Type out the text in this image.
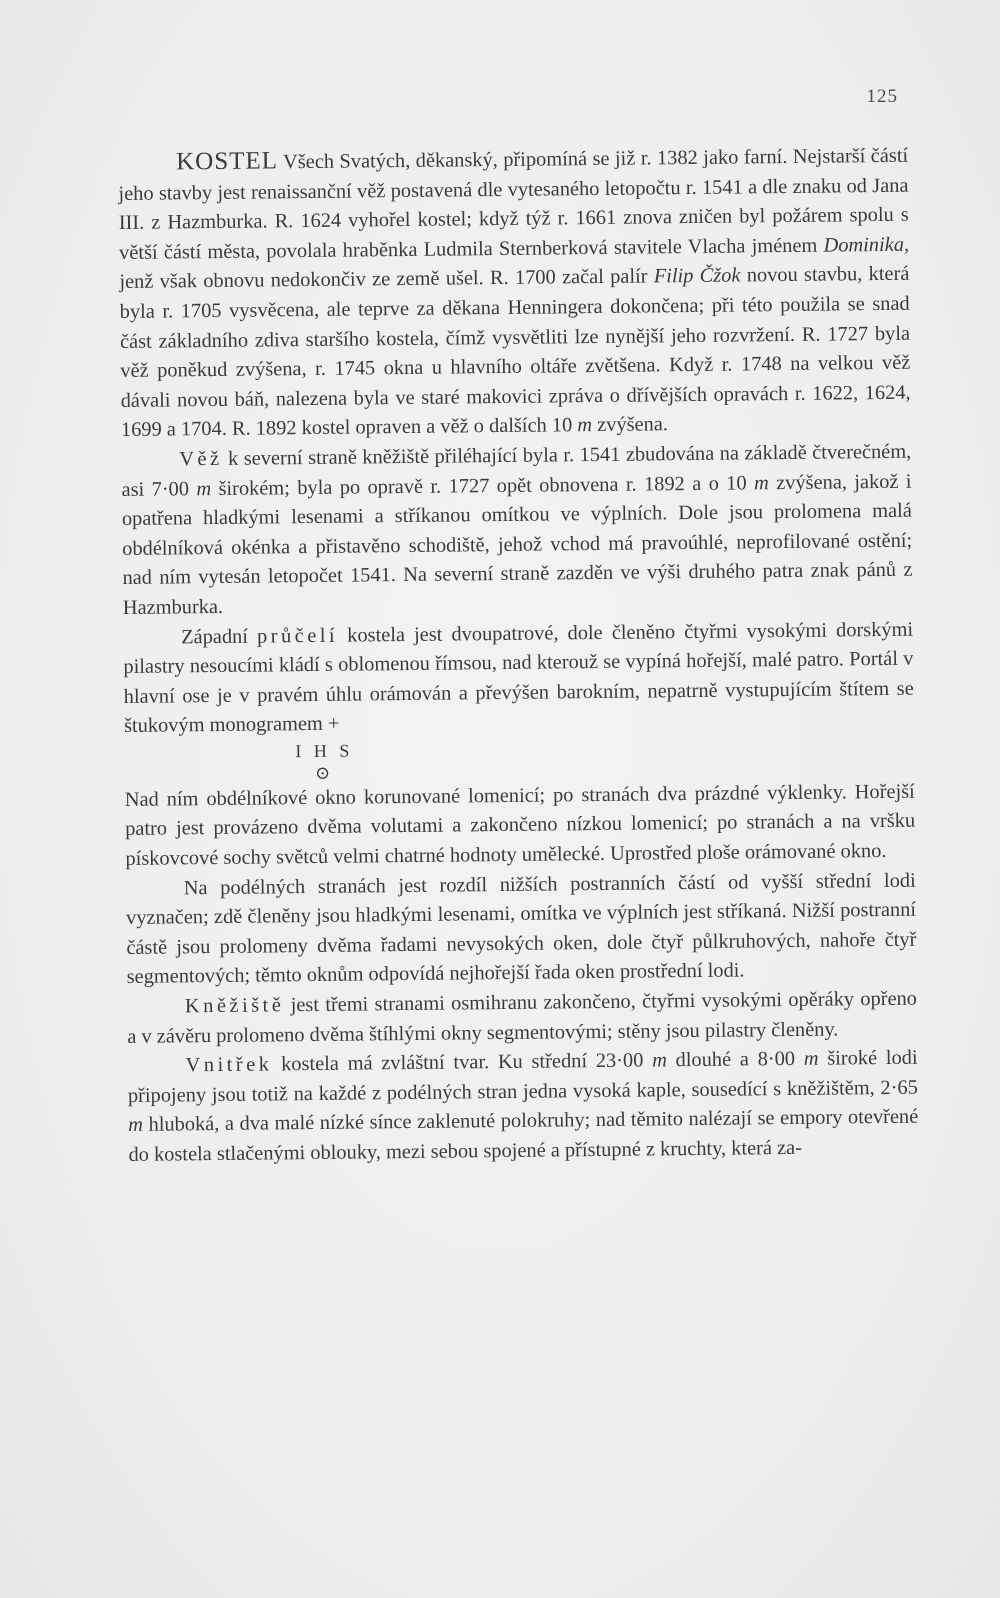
125

KOSTEL Všech Svatých, děkanský, připomíná se již r. 1382 jako farní. Nejstarší částí jeho stavby jest renaissanční věž postavená dle vytesaného letopočtu r. 1541 a dle znaku od Jana III. z Hazmburka. R. 1624 vyhořel kostel; když týž r. 1661 znova zničen byl požárem spolu s větší částí města, povolala hraběnka Ludmila Sternberková stavitele Vlacha jménem Dominika, jenž však obnovu nedokončiv ze země ušel. R. 1700 začal palír Filip Čžok novou stavbu, která byla r. 1705 vysvěcena, ale teprve za děkana Henningera dokončena; při této použila se snad část základního zdiva staršího kostela, čímž vysvětliti lze nynější jeho rozvržení. R. 1727 byla věž poněkud zvýšena, r. 1745 okna u hlavního oltáře zvětšena. Když r. 1748 na velkou věž dávali novou báň, nalezena byla ve staré makovici zpráva o dřívějších opravách r. 1622, 1624, 1699 a 1704. R. 1892 kostel opraven a věž o dalších 10 m zvýšena.

Věž k severní straně kněžiště přiléhající byla r. 1541 zbudována na základě čtverečném, asi 7·00 m širokém; byla po opravě r. 1727 opět obnovena r. 1892 a o 10 m zvýšena, jakož i opatřena hladkými lesenami a stříkanou omítkou ve výplních. Dole jsou prolomena malá obdélníková okénka a přistavěno schodiště, jehož vchod má pravoúhlé, neprofilované ostění; nad ním vytesán letopočet 1541. Na severní straně zazděn ve výši druhého patra znak pánů z Hazmburka.

Západní průčelí kostela jest dvoupatrové, dole členěno čtyřmi vysokými dorskými pilastry nesoucími kládí s oblomenou římsou, nad kterouž se vypíná hořejší, malé patro. Portál v hlavní ose je v pravém úhlu orámován a převýšen barokním, nepatrně vystupujícím štítem se štukovým monogramem +

I H S
⊙

Nad ním obdélníkové okno korunované lomenicí; po stranách dva prázdné výklenky. Hořejší patro jest provázeno dvěma volutami a zakončeno nízkou lomenicí; po stranách a na vršku pískovcové sochy světců velmi chatrné hodnoty umělecké. Uprostřed ploše orámované okno.

Na podélných stranách jest rozdíl nižších postranních částí od vyšší střední lodi vyznačen; zdě členěny jsou hladkými lesenami, omítka ve výplních jest stříkaná. Nižší postranní částě jsou prolomeny dvěma řadami nevysokých oken, dole čtyř půlkruhových, nahoře čtyř segmentových; těmto oknům odpovídá nejhořejší řada oken prostřední lodi.

Kněžiště jest třemi stranami osmihranu zakončeno, čtyřmi vysokými opěráky opřeno a v závěru prolomeno dvěma štíhlými okny segmentovými; stěny jsou pilastry členěny.

Vnitřek kostela má zvláštní tvar. Ku střední 23·00 m dlouhé a 8·00 m široké lodi připojeny jsou totiž na každé z podélných stran jedna vysoká kaple, sousedící s kněžištěm, 2·65 m hluboká, a dva malé nízké sínce zaklenuté polokruhy; nad těmito nalézají se empory otevřené do kostela stlačenými oblouky, mezi sebou spojené a přístupné z kruchty, která za-
